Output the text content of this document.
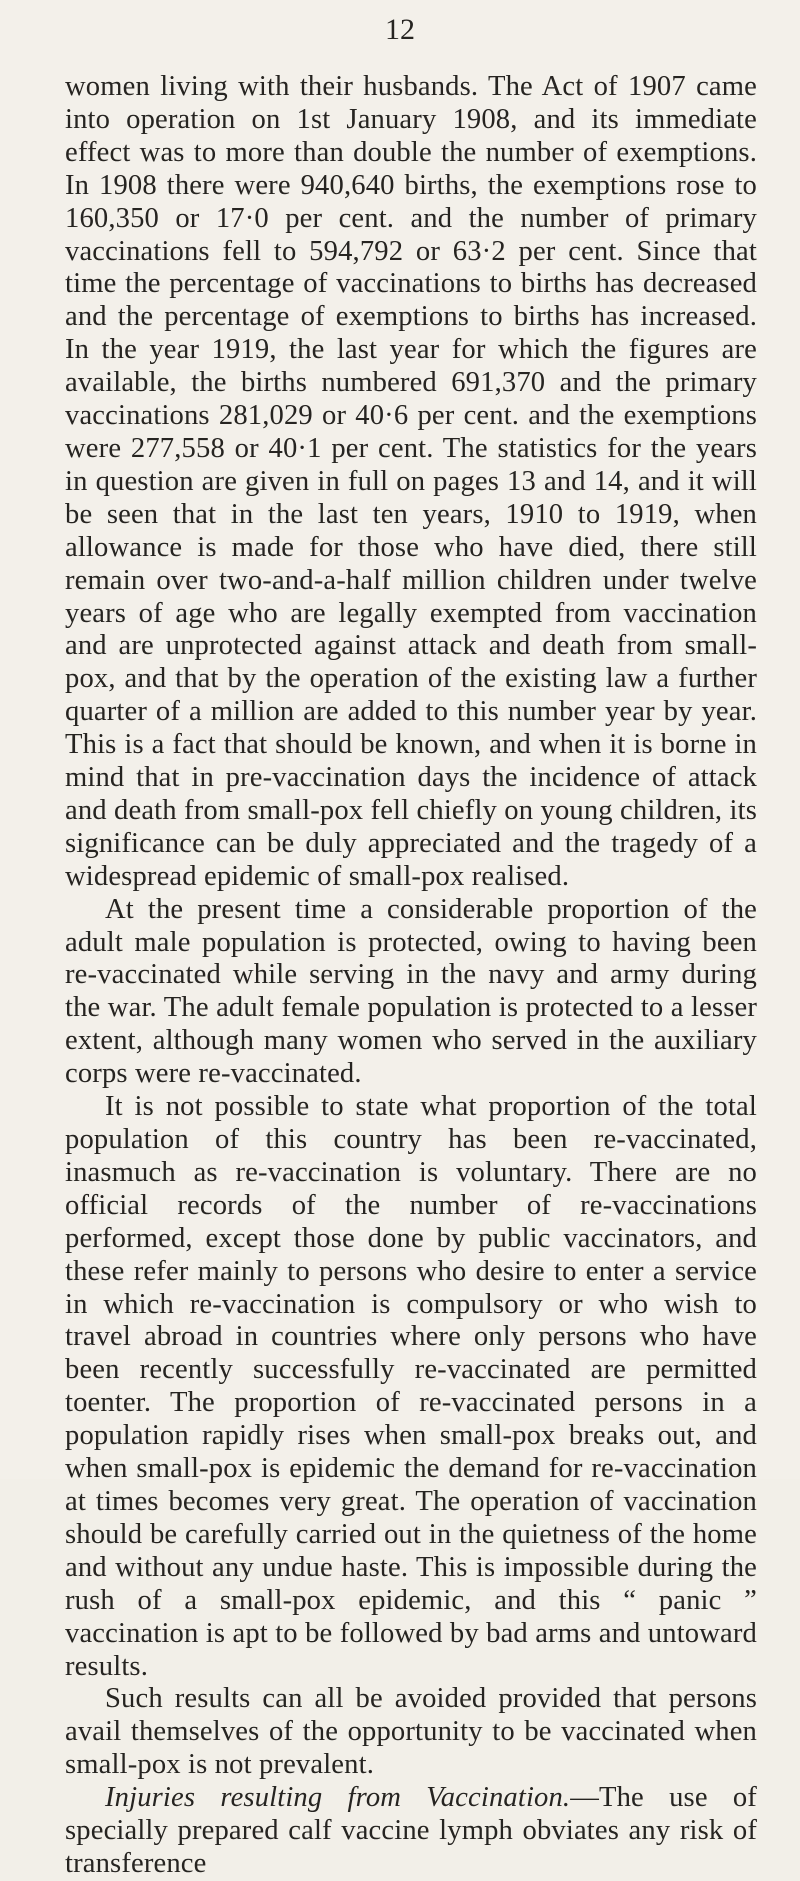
12

women living with their husbands. The Act of 1907 came into operation on 1st January 1908, and its immediate effect was to more than double the number of exemptions. In 1908 there were 940,640 births, the exemptions rose to 160,350 or 17·0 per cent. and the number of primary vaccinations fell to 594,792 or 63·2 per cent. Since that time the percentage of vaccinations to births has decreased and the percentage of exemptions to births has increased. In the year 1919, the last year for which the figures are available, the births numbered 691,370 and the primary vaccinations 281,029 or 40·6 per cent. and the exemptions were 277,558 or 40·1 per cent. The statistics for the years in question are given in full on pages 13 and 14, and it will be seen that in the last ten years, 1910 to 1919, when allowance is made for those who have died, there still remain over two-and-a-half million children under twelve years of age who are legally exempted from vaccination and are unprotected against attack and death from small-pox, and that by the operation of the existing law a further quarter of a million are added to this number year by year. This is a fact that should be known, and when it is borne in mind that in pre-vaccination days the incidence of attack and death from small-pox fell chiefly on young children, its significance can be duly appreciated and the tragedy of a widespread epidemic of small-pox realised.

At the present time a considerable proportion of the adult male population is protected, owing to having been re-vaccinated while serving in the navy and army during the war. The adult female population is protected to a lesser extent, although many women who served in the auxiliary corps were re-vaccinated.

It is not possible to state what proportion of the total population of this country has been re-vaccinated, inasmuch as re-vaccination is voluntary. There are no official records of the number of re-vaccinations performed, except those done by public vaccinators, and these refer mainly to persons who desire to enter a service in which re-vaccination is compulsory or who wish to travel abroad in countries where only persons who have been recently successfully re-vaccinated are permitted toenter. The proportion of re-vaccinated persons in a population rapidly rises when small-pox breaks out, and when small-pox is epidemic the demand for re-vaccination at times becomes very great. The operation of vaccination should be carefully carried out in the quietness of the home and without any undue haste. This is impossible during the rush of a small-pox epidemic, and this “ panic ” vaccination is apt to be followed by bad arms and untoward results.

Such results can all be avoided provided that persons avail themselves of the opportunity to be vaccinated when small-pox is not prevalent.

Injuries resulting from Vaccination.—The use of specially prepared calf vaccine lymph obviates any risk of transference
